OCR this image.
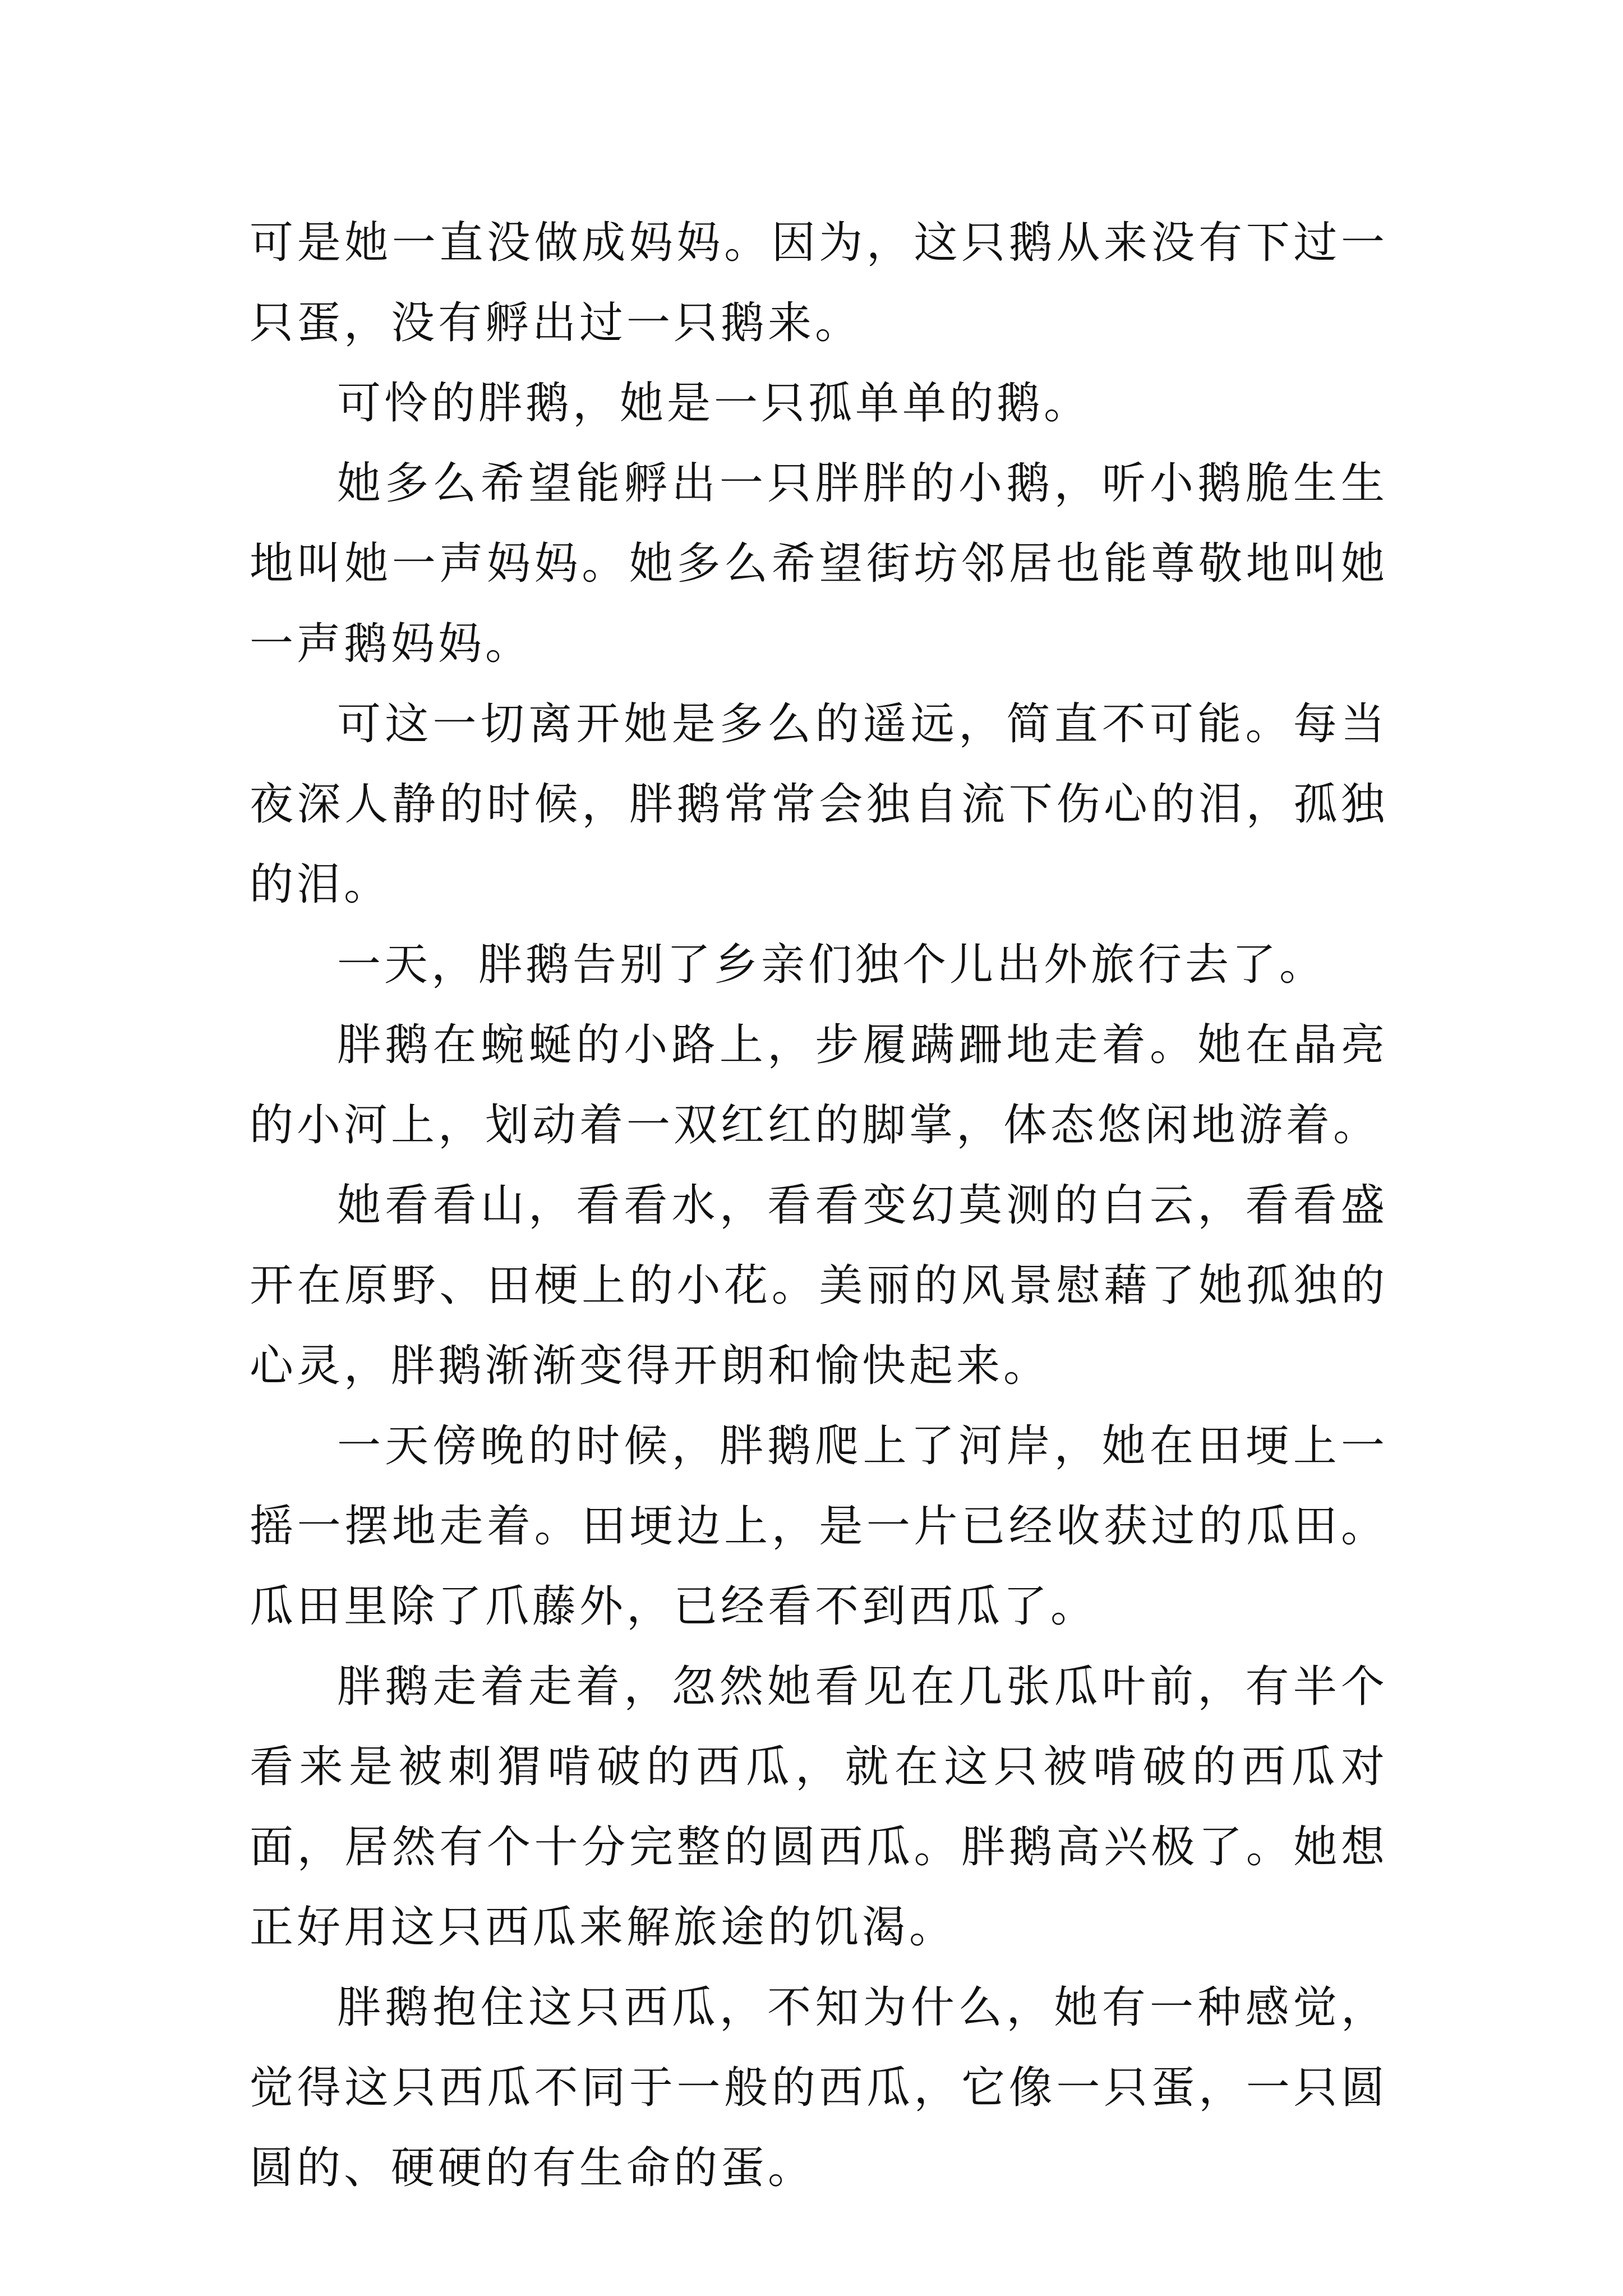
可是她一直没做成妈妈。因为，这只鹅从来没有下过一只蛋，没有孵出过一只鹅来。

可怜的胖鹅，她是一只孤单单的鹅。

她多么希望能孵出一只胖胖的小鹅，听小鹅脆生生地叫她一声妈妈。她多么希望街坊邻居也能尊敬地叫她一声鹅妈妈。

可这一切离开她是多么的遥远，简直不可能。每当夜深人静的时候，胖鹅常常会独自流下伤心的泪，孤独的泪。

一天，胖鹅告别了乡亲们独个儿出外旅行去了。

胖鹅在蜿蜒的小路上，步履蹒跚地走着。她在晶亮的小河上，划动着一双红红的脚掌，体态悠闲地游着。

她看看山，看看水，看看变幻莫测的白云，看看盛开在原野、田梗上的小花。美丽的风景慰藉了她孤独的心灵，胖鹅渐渐变得开朗和愉快起来。

一天傍晚的时候，胖鹅爬上了河岸，她在田埂上一摇一摆地走着。田埂边上，是一片已经收获过的瓜田。瓜田里除了爪藤外，已经看不到西瓜了。

胖鹅走着走着，忽然她看见在几张瓜叶前，有半个看来是被刺猬啃破的西瓜，就在这只被啃破的西瓜对面，居然有个十分完整的圆西瓜。胖鹅高兴极了。她想正好用这只西瓜来解旅途的饥渴。

胖鹅抱住这只西瓜，不知为什么，她有一种感觉，觉得这只西瓜不同于一般的西瓜，它像一只蛋，一只圆圆的、硬硬的有生命的蛋。
